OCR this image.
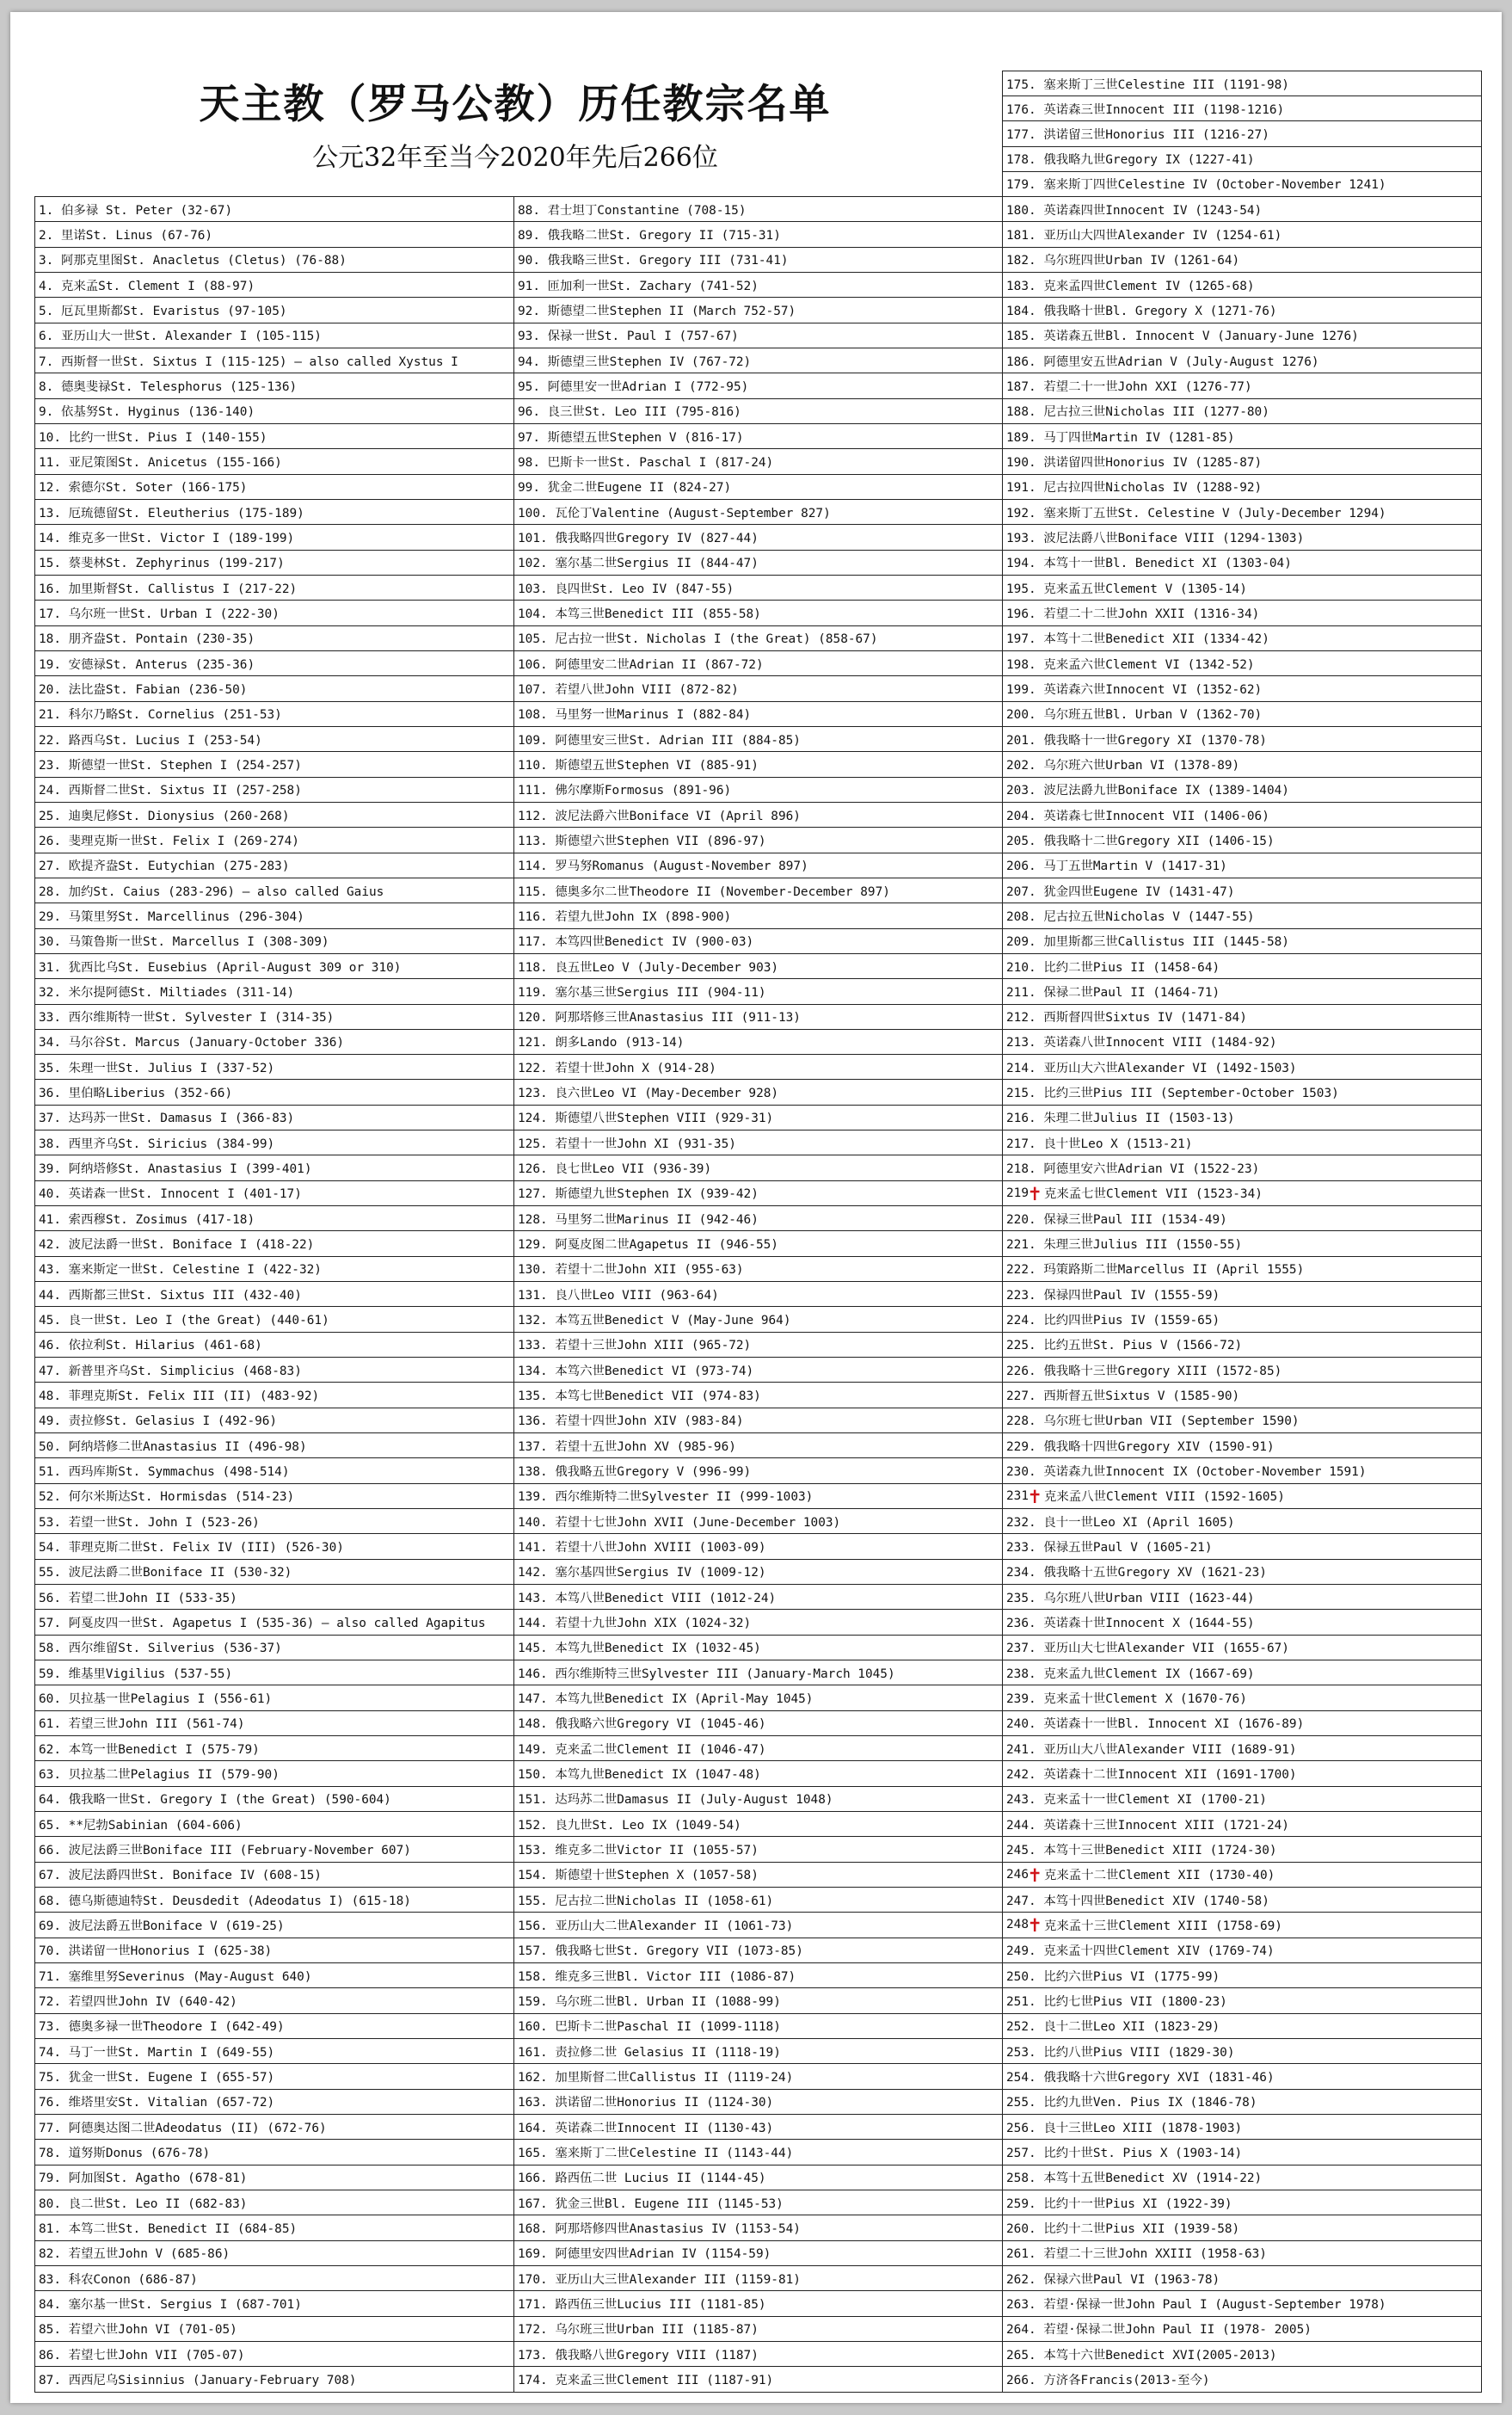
天主教（罗马公教）历任教宗名单
公元32年至当今2020年先后266位
175. 塞来斯丁三世Celestine III (1191-98)
176. 英诺森三世Innocent III (1198-1216)
177. 洪诺留三世Honorius III (1216-27)
178. 俄我略九世Gregory IX (1227-41)
179. 塞来斯丁四世Celestine IV (October-November 1241)
1. 伯多禄 St. Peter (32-67)
2. 里诺St. Linus (67-76)
3. 阿那克里图St. Anacletus (Cletus) (76-88)
4. 克来孟St. Clement I (88-97)
5. 厄瓦里斯都St. Evaristus (97-105)
6. 亚历山大一世St. Alexander I (105-115)
7. 西斯督一世St. Sixtus I (115-125) — also called Xystus I
8. 德奥斐禄St. Telesphorus (125-136)
9. 依基努St. Hyginus (136-140)
10. 比约一世St. Pius I (140-155)
11. 亚尼策图St. Anicetus (155-166)
12. 索德尔St. Soter (166-175)
13. 厄琉德留St. Eleutherius (175-189)
14. 维克多一世St. Victor I (189-199)
15. 蔡斐林St. Zephyrinus (199-217)
16. 加里斯督St. Callistus I (217-22)
17. 乌尔班一世St. Urban I (222-30)
18. 朋齐盎St. Pontain (230-35)
19. 安德禄St. Anterus (235-36)
20. 法比盎St. Fabian (236-50)
21. 科尔乃略St. Cornelius (251-53)
22. 路西乌St. Lucius I (253-54)
23. 斯德望一世St. Stephen I (254-257)
24. 西斯督二世St. Sixtus II (257-258)
25. 迪奥尼修St. Dionysius (260-268)
26. 斐理克斯一世St. Felix I (269-274)
27. 欧提齐盎St. Eutychian (275-283)
28. 加约St. Caius (283-296) — also called Gaius
29. 马策里努St. Marcellinus (296-304)
30. 马策鲁斯一世St. Marcellus I (308-309)
31. 犹西比乌St. Eusebius (April-August 309 or 310)
32. 米尔提阿德St. Miltiades (311-14)
33. 西尔维斯特一世St. Sylvester I (314-35)
34. 马尔谷St. Marcus (January-October 336)
35. 朱理一世St. Julius I (337-52)
36. 里伯略Liberius (352-66)
37. 达玛苏一世St. Damasus I (366-83)
38. 西里齐乌St. Siricius (384-99)
39. 阿纳塔修St. Anastasius I (399-401)
40. 英诺森一世St. Innocent I (401-17)
41. 索西穆St. Zosimus (417-18)
42. 波尼法爵一世St. Boniface I (418-22)
43. 塞来斯定一世St. Celestine I (422-32)
44. 西斯都三世St. Sixtus III (432-40)
45. 良一世St. Leo I (the Great) (440-61)
46. 依拉利St. Hilarius (461-68)
47. 新普里齐乌St. Simplicius (468-83)
48. 菲理克斯St. Felix III (II) (483-92)
49. 责拉修St. Gelasius I (492-96)
50. 阿纳塔修二世Anastasius II (496-98)
51. 西玛库斯St. Symmachus (498-514)
52. 何尔米斯达St. Hormisdas (514-23)
53. 若望一世St. John I (523-26)
54. 菲理克斯二世St. Felix IV (III) (526-30)
55. 波尼法爵二世Boniface II (530-32)
56. 若望二世John II (533-35)
57. 阿戛皮四一世St. Agapetus I (535-36) — also called Agapitus
58. 西尔维留St. Silverius (536-37)
59. 维基里Vigilius (537-55)
60. 贝拉基一世Pelagius I (556-61)
61. 若望三世John III (561-74)
62. 本笃一世Benedict I (575-79)
63. 贝拉基二世Pelagius II (579-90)
64. 俄我略一世St. Gregory I (the Great) (590-604)
65. **尼勃Sabinian (604-606)
66. 波尼法爵三世Boniface III (February-November 607)
67. 波尼法爵四世St. Boniface IV (608-15)
68. 德乌斯德迪特St. Deusdedit (Adeodatus I) (615-18)
69. 波尼法爵五世Boniface V (619-25)
70. 洪诺留一世Honorius I (625-38)
71. 塞维里努Severinus (May-August 640)
72. 若望四世John IV (640-42)
73. 德奥多禄一世Theodore I (642-49)
74. 马丁一世St. Martin I (649-55)
75. 犹金一世St. Eugene I (655-57)
76. 维塔里安St. Vitalian (657-72)
77. 阿德奥达图二世Adeodatus (II) (672-76)
78. 道努斯Donus (676-78)
79. 阿加图St. Agatho (678-81)
80. 良二世St. Leo II (682-83)
81. 本笃二世St. Benedict II (684-85)
82. 若望五世John V (685-86)
83. 科农Conon (686-87)
84. 塞尔基一世St. Sergius I (687-701)
85. 若望六世John VI (701-05)
86. 若望七世John VII (705-07)
87. 西西尼乌Sisinnius (January-February 708)
88. 君士坦丁Constantine (708-15)
89. 俄我略二世St. Gregory II (715-31)
90. 俄我略三世St. Gregory III (731-41)
91. 匝加利一世St. Zachary (741-52)
92. 斯德望二世Stephen II (March 752-57)
93. 保禄一世St. Paul I (757-67)
94. 斯德望三世Stephen IV (767-72)
95. 阿德里安一世Adrian I (772-95)
96. 良三世St. Leo III (795-816)
97. 斯德望五世Stephen V (816-17)
98. 巴斯卡一世St. Paschal I (817-24)
99. 犹金二世Eugene II (824-27)
100. 瓦伦丁Valentine (August-September 827)
101. 俄我略四世Gregory IV (827-44)
102. 塞尔基二世Sergius II (844-47)
103. 良四世St. Leo IV (847-55)
104. 本笃三世Benedict III (855-58)
105. 尼古拉一世St. Nicholas I (the Great) (858-67)
106. 阿德里安二世Adrian II (867-72)
107. 若望八世John VIII (872-82)
108. 马里努一世Marinus I (882-84)
109. 阿德里安三世St. Adrian III (884-85)
110. 斯德望五世Stephen VI (885-91)
111. 佛尔摩斯Formosus (891-96)
112. 波尼法爵六世Boniface VI (April 896)
113. 斯德望六世Stephen VII (896-97)
114. 罗马努Romanus (August-November 897)
115. 德奥多尔二世Theodore II (November-December 897)
116. 若望九世John IX (898-900)
117. 本笃四世Benedict IV (900-03)
118. 良五世Leo V (July-December 903)
119. 塞尔基三世Sergius III (904-11)
120. 阿那塔修三世Anastasius III (911-13)
121. 朗多Lando (913-14)
122. 若望十世John X (914-28)
123. 良六世Leo VI (May-December 928)
124. 斯德望八世Stephen VIII (929-31)
125. 若望十一世John XI (931-35)
126. 良七世Leo VII (936-39)
127. 斯德望九世Stephen IX (939-42)
128. 马里努二世Marinus II (942-46)
129. 阿戛皮图二世Agapetus II (946-55)
130. 若望十二世John XII (955-63)
131. 良八世Leo VIII (963-64)
132. 本笃五世Benedict V (May-June 964)
133. 若望十三世John XIII (965-72)
134. 本笃六世Benedict VI (973-74)
135. 本笃七世Benedict VII (974-83)
136. 若望十四世John XIV (983-84)
137. 若望十五世John XV (985-96)
138. 俄我略五世Gregory V (996-99)
139. 西尔维斯特二世Sylvester II (999-1003)
140. 若望十七世John XVII (June-December 1003)
141. 若望十八世John XVIII (1003-09)
142. 塞尔基四世Sergius IV (1009-12)
143. 本笃八世Benedict VIII (1012-24)
144. 若望十九世John XIX (1024-32)
145. 本笃九世Benedict IX (1032-45)
146. 西尔维斯特三世Sylvester III (January-March 1045)
147. 本笃九世Benedict IX (April-May 1045)
148. 俄我略六世Gregory VI (1045-46)
149. 克来孟二世Clement II (1046-47)
150. 本笃九世Benedict IX (1047-48)
151. 达玛苏二世Damasus II (July-August 1048)
152. 良九世St. Leo IX (1049-54)
153. 维克多二世Victor II (1055-57)
154. 斯德望十世Stephen X (1057-58)
155. 尼古拉二世Nicholas II (1058-61)
156. 亚历山大二世Alexander II (1061-73)
157. 俄我略七世St. Gregory VII (1073-85)
158. 维克多三世Bl. Victor III (1086-87)
159. 乌尔班二世Bl. Urban II (1088-99)
160. 巴斯卡二世Paschal II (1099-1118)
161. 责拉修二世 Gelasius II (1118-19)
162. 加里斯督二世Callistus II (1119-24)
163. 洪诺留二世Honorius II (1124-30)
164. 英诺森二世Innocent II (1130-43)
165. 塞来斯丁二世Celestine II (1143-44)
166. 路西伍二世 Lucius II (1144-45)
167. 犹金三世Bl. Eugene III (1145-53)
168. 阿那塔修四世Anastasius IV (1153-54)
169. 阿德里安四世Adrian IV (1154-59)
170. 亚历山大三世Alexander III (1159-81)
171. 路西伍三世Lucius III (1181-85)
172. 乌尔班三世Urban III (1185-87)
173. 俄我略八世Gregory VIII (1187)
174. 克来孟三世Clement III (1187-91)
180. 英诺森四世Innocent IV (1243-54)
181. 亚历山大四世Alexander IV (1254-61)
182. 乌尔班四世Urban IV (1261-64)
183. 克来孟四世Clement IV (1265-68)
184. 俄我略十世Bl. Gregory X (1271-76)
185. 英诺森五世Bl. Innocent V (January-June 1276)
186. 阿德里安五世Adrian V (July-August 1276)
187. 若望二十一世John XXI (1276-77)
188. 尼古拉三世Nicholas III (1277-80)
189. 马丁四世Martin IV (1281-85)
190. 洪诺留四世Honorius IV (1285-87)
191. 尼古拉四世Nicholas IV (1288-92)
192. 塞来斯丁五世St. Celestine V (July-December 1294)
193. 波尼法爵八世Boniface VIII (1294-1303)
194. 本笃十一世Bl. Benedict XI (1303-04)
195. 克来孟五世Clement V (1305-14)
196. 若望二十二世John XXII (1316-34)
197. 本笃十二世Benedict XII (1334-42)
198. 克来孟六世Clement VI (1342-52)
199. 英诺森六世Innocent VI (1352-62)
200. 乌尔班五世Bl. Urban V (1362-70)
201. 俄我略十一世Gregory XI (1370-78)
202. 乌尔班六世Urban VI (1378-89)
203. 波尼法爵九世Boniface IX (1389-1404)
204. 英诺森七世Innocent VII (1406-06)
205. 俄我略十二世Gregory XII (1406-15)
206. 马丁五世Martin V (1417-31)
207. 犹金四世Eugene IV (1431-47)
208. 尼古拉五世Nicholas V (1447-55)
209. 加里斯都三世Callistus III (1445-58)
210. 比约二世Pius II (1458-64)
211. 保禄二世Paul II (1464-71)
212. 西斯督四世Sixtus IV (1471-84)
213. 英诺森八世Innocent VIII (1484-92)
214. 亚历山大六世Alexander VI (1492-1503)
215. 比约三世Pius III (September-October 1503)
216. 朱理二世Julius II (1503-13)
217. 良十世Leo X (1513-21)
218. 阿德里安六世Adrian VI (1522-23)
219 ✝ 克来孟七世Clement VII (1523-34)
220. 保禄三世Paul III (1534-49)
221. 朱理三世Julius III (1550-55)
222. 玛策路斯二世Marcellus II (April 1555)
223. 保禄四世Paul IV (1555-59)
224. 比约四世Pius IV (1559-65)
225. 比约五世St. Pius V (1566-72)
226. 俄我略十三世Gregory XIII (1572-85)
227. 西斯督五世Sixtus V (1585-90)
228. 乌尔班七世Urban VII (September 1590)
229. 俄我略十四世Gregory XIV (1590-91)
230. 英诺森九世Innocent IX (October-November 1591)
231 ✝ 克来孟八世Clement VIII (1592-1605)
232. 良十一世Leo XI (April 1605)
233. 保禄五世Paul V (1605-21)
234. 俄我略十五世Gregory XV (1621-23)
235. 乌尔班八世Urban VIII (1623-44)
236. 英诺森十世Innocent X (1644-55)
237. 亚历山大七世Alexander VII (1655-67)
238. 克来孟九世Clement IX (1667-69)
239. 克来孟十世Clement X (1670-76)
240. 英诺森十一世Bl. Innocent XI (1676-89)
241. 亚历山大八世Alexander VIII (1689-91)
242. 英诺森十二世Innocent XII (1691-1700)
243. 克来孟十一世Clement XI (1700-21)
244. 英诺森十三世Innocent XIII (1721-24)
245. 本笃十三世Benedict XIII (1724-30)
246 ✝ 克来孟十二世Clement XII (1730-40)
247. 本笃十四世Benedict XIV (1740-58)
248 ✝ 克来孟十三世Clement XIII (1758-69)
249. 克来孟十四世Clement XIV (1769-74)
250. 比约六世Pius VI (1775-99)
251. 比约七世Pius VII (1800-23)
252. 良十二世Leo XII (1823-29)
253. 比约八世Pius VIII (1829-30)
254. 俄我略十六世Gregory XVI (1831-46)
255. 比约九世Ven. Pius IX (1846-78)
256. 良十三世Leo XIII (1878-1903)
257. 比约十世St. Pius X (1903-14)
258. 本笃十五世Benedict XV (1914-22)
259. 比约十一世Pius XI (1922-39)
260. 比约十二世Pius XII (1939-58)
261. 若望二十三世John XXIII (1958-63)
262. 保禄六世Paul VI (1963-78)
263. 若望·保禄一世John Paul I (August-September 1978)
264. 若望·保禄二世John Paul II (1978- 2005)
265. 本笃十六世Benedict XVI(2005-2013)
266. 方济各Francis(2013-至今)
